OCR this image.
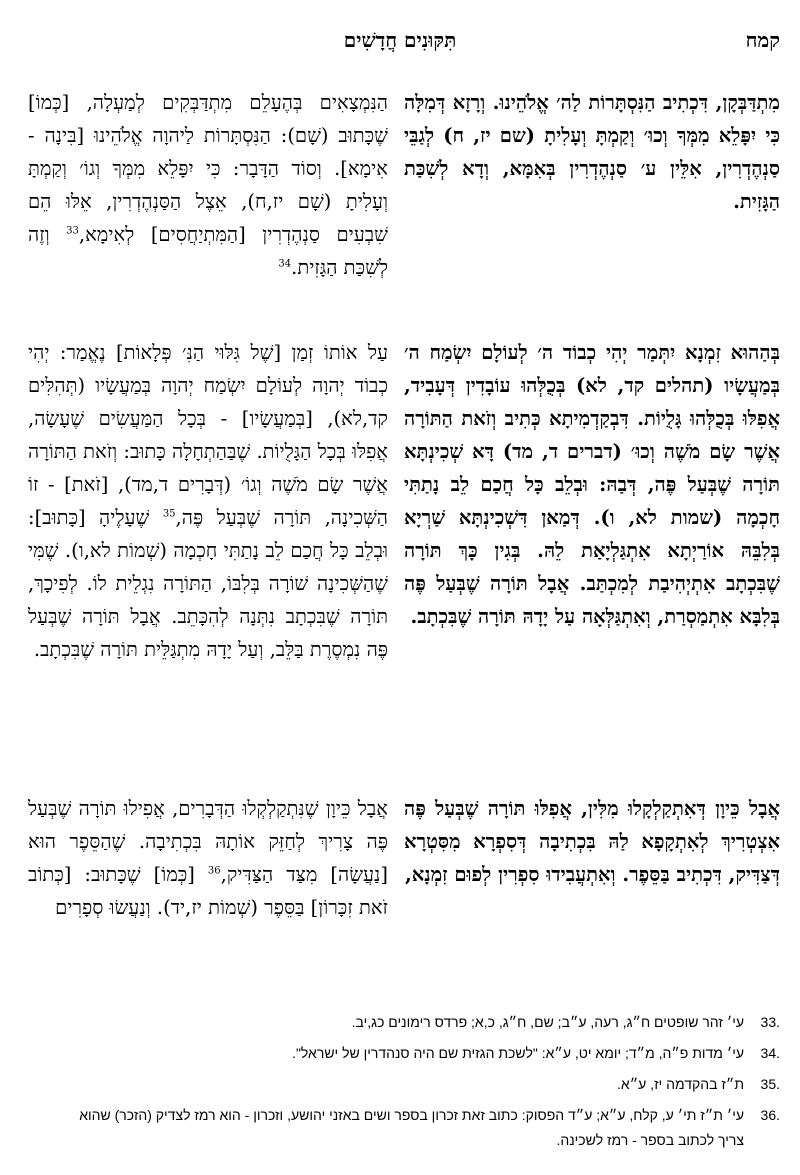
קמח
תִּקּוּנִים חֲדָשִׁים
מִתְדַּבְּקָן, דִּכְתִיב הַנִּסְתָּרוֹת לַה׳ אֱלֹהֵינוּ. וְרָזָא דְּמִלָּה כִּי יִפָּלֵא מִמְּךָ וְכוּ׳ וְקַמְתָּ וְעָלִיתָ (שם יז, ח) לְגַבֵּי סַנְהֶדְרִין, אִלֵּין ע׳ סַנְהֶדְרִין בְּאִמָּא, וְדָא לְשִׁכַּת הַגָּזִית.
בְּהַהוּא זִמְנָא יִתְּמַר יְהִי כְבוֹד ה׳ לְעוֹלָם יִשְׂמַח ה׳ בְּמַעֲשָׂיו (תהלים קד, לא) בְּכֻלְּהוּ עוֹבָדִין דְּעָבִיד, אֲפִלּוּ בְּכֻלְּהוּ גָּלֻיוֹת. דִּבְקַדְמִיתָא כְּתִיב וְזֹאת הַתּוֹרָה אֲשֶׁר שָׂם מֹשֶׁה וְכוּ׳ (דברים ד, מד) דָּא שְׁכִינְתָּא תּוֹרָה שֶׁבְּעַל פֶּה, דְּבַהּ: וּבְלֵב כָּל חֲכַם לֵב נָתַתִּי חָכְמָה (שמות לא, ו). דְּמַאן דִּשְׁכִינְתָּא שַׁרְיָא בְּלִבֵּהּ אוֹרַיְתָא אִתְגַּלְיָאַת לֵהּ. בְּגִין כָּךְ תּוֹרָה שֶׁבִּכְתָב אִתְיְהִיבַת לְמִכְתַּב. אֲבָל תּוֹרָה שֶׁבְּעַל פֶּה בְּלִבָּא אִתְמַסְרַת, וְאִתְגַּלְּאָה עַל יָדָהּ תּוֹרָה שֶׁבִּכְתָב.
אֲבָל כֵּיוָן דְּאִתְקַלְקָלוּ מִלִּין, אֲפִלּוּ תּוֹרָה שֶׁבְּעַל פֶּה אִצְטְרִיךְ לְאִתְקָפָא לַהּ בִּכְתִיבָה דְּסִפְרָא מִסִּטְרָא דְּצַדִּיק, דִּכְתִיב בַּסֵּפֶר. וְאִתְעֲבִידוּ סִפְרִין לְפוּם זִמְנָא,
הַנִּמְצָאִים בְּהֶעָלֵם מִתְדַּבְּקִים לְמַעְלָה, [כְּמוֹ] שֶׁכָּתוּב (שָׁם): הַנִּסְתָּרוֹת לַיהוָה אֱלֹהֵינוּ [בִּינָה - אִימָא]. וְסוֹד הַדָּבָר: כִּי יִפָּלֵא מִמְּךָ וְגוֹ׳ וְקַמְתָּ וְעָלִיתָ (שָׁם יז,ח), אֵצֶל הַסַּנְהֶדְרִין, אֵלּוּ הֵם שִׁבְעִים סַנְהֶדְרִין [הַמִּתְיַחֲסִים] לְאִימָא,$^{33}$ וְזֶה לְשִׁכַּת הַגָּזִית.$^{34}$
עַל אוֹתוֹ זְמַן [שֶׁל גִּלּוּי הַנִּ׳ פְּלָאוֹת] נֶאֱמַר: יְהִי כְבוֹד יְהוָה לְעוֹלָם יִשְׂמַח יְהוָה בְּמַעֲשָׂיו (תְּהִלִּים קד,לא), [בְּמַעֲשָׂיו] - בְּכָל הַמַּעֲשִׂים שֶׁעָשָׂה, אֲפִלּוּ בְּכָל הַגָּלֻיוֹת. שֶׁבַּהַתְחָלָה כָּתוּב: וְזֹאת הַתּוֹרָה אֲשֶׁר שָׂם מֹשֶׁה וְגוֹ׳ (דְּבָרִים ד,מד), [זֹאת] - זוֹ הַשְּׁכִינָה, תּוֹרָה שֶׁבְּעַל פֶּה,$^{35}$ שֶׁעָלֶיהָ [כָּתוּב]: וּבְלֵב כָּל חֲכַם לֵב נָתַתִּי חָכְמָה (שְׁמוֹת לא,ו). שֶׁמִּי שֶׁהַשְּׁכִינָה שׁוֹרָה בְּלִבּוֹ, הַתּוֹרָה נִגְלֵית לוֹ. לְפִיכָךְ, תּוֹרָה שֶׁבִּכְתָב נִתְּנָה לְהִכָּתֵב. אֲבָל תּוֹרָה שֶׁבְּעַל פֶּה נִמְסֶרֶת בַּלֵּב, וְעַל יָדָהּ מִתְגַּלֵּית תּוֹרָה שֶׁבִּכְתָב.
אֲבָל כֵּיוָן שֶׁנִּתְקַלְקְלוּ הַדְּבָרִים, אֲפִילוּ תּוֹרָה שֶׁבְּעַל פֶּה צָרִיךְ לְחַזֵּק אוֹתָהּ בִּכְתִיבָה. שֶׁהַסֵּפֶר הוּא [נַעֲשָׂה] מִצַּד הַצַּדִּיק,$^{36}$ [כְּמוֹ] שֶׁכָּתוּב: [כְּתוֹב זֹאת זִכָּרוֹן] בַּסֵּפֶר (שְׁמוֹת יז,יד). וְנַעֲשׂוּ סְפָרִים
33.
עי׳ זהר שופטים ח״ג, רעה, ע״ב; שם, ח״ג, כ,א; פרדס רימונים כג,יב.
34.
עי׳ מדות פ״ה, מ״ד; יומא יט, ע״א: "לשכת הגזית שם היה סנהדרין של ישראל".
35.
ת״ז בהקדמה יז, ע״א.
36.
עי׳ ת״ז תי׳ ע, קלח, ע״א; ע״ד הפסוק: כתוב זאת זכרון בספר ושים באזני יהושע, וזכרון - הוא רמז לצדיק (הזכר) שהוא צריך לכתוב בספר - רמז לשכינה.
